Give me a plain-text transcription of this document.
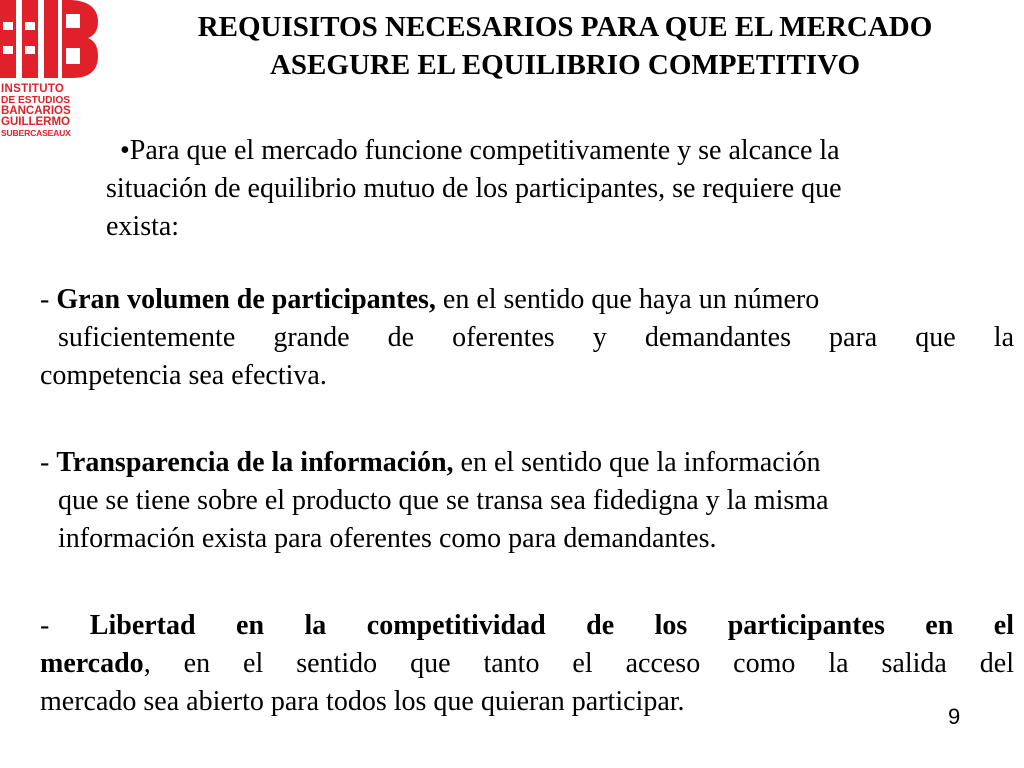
INSTITUTO
DE ESTUDIOS
BANCARIOS
GUILLERMO
SUBERCASEAUX
REQUISITOS NECESARIOS PARA QUE EL MERCADO
ASEGURE EL EQUILIBRIO COMPETITIVO
•Para que el mercado funcione competitivamente y se alcance la
situación de equilibrio mutuo de los participantes, se requiere que
exista:
- Gran volumen de participantes, en el sentido que haya un número
suficientemente grande de oferentes y demandantes para que la
competencia sea efectiva.
- Transparencia de la información, en el sentido que la información
que se tiene sobre el producto que se transa sea fidedigna y la misma
información exista para oferentes como para demandantes.
- Libertad en la competitividad de los participantes en el
mercado, en el sentido que tanto el acceso como la salida del
mercado sea abierto para todos los que quieran participar.	9
